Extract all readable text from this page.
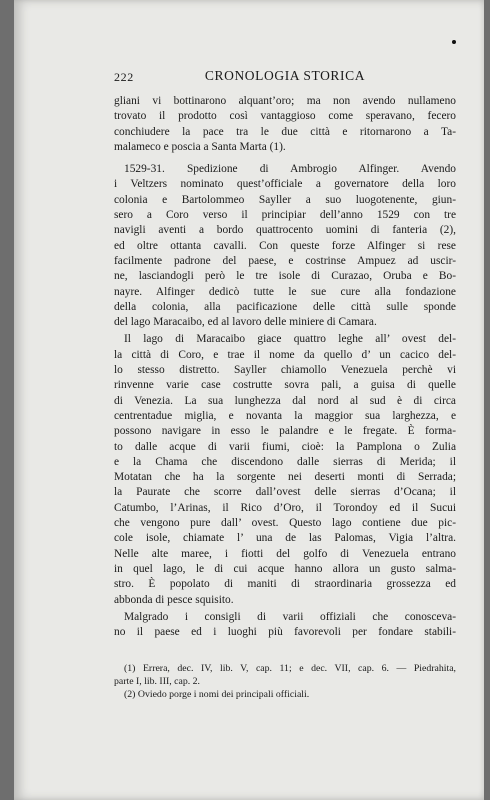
222	CRONOLOGIA STORICA
gliani vi bottinarono alquant’oro; ma non avendo nullameno
trovato il prodotto così vantaggioso come speravano, fecero
conchiudere la pace tra le due città e ritornarono a Ta-
malameco e poscia a Santa Marta (1).
1529-31. Spedizione di Ambrogio Alfinger. Avendo
i Veltzers nominato quest’officiale a governatore della loro
colonia e Bartolommeo Sayller a suo luogotenente, giun-
sero a Coro verso il principiar dell’anno 1529 con tre
navigli aventi a bordo quattrocento uomini di fanteria (2),
ed oltre ottanta cavalli. Con queste forze Alfinger si rese
facilmente padrone del paese, e costrinse Ampuez ad uscir-
ne, lasciandogli però le tre isole di Curazao, Oruba e Bo-
nayre. Alfinger dedicò tutte le sue cure alla fondazione
della colonia, alla pacificazione delle città sulle sponde
del lago Maracaibo, ed al lavoro delle miniere di Camara.
Il lago di Maracaibo giace quattro leghe all’ ovest del-
la città di Coro, e trae il nome da quello d’ un cacico del-
lo stesso distretto. Sayller chiamollo Venezuela perchè vi
rinvenne varie case costrutte sovra pali, a guisa di quelle
di Venezia. La sua lunghezza dal nord al sud è di circa
centrentadue miglia, e novanta la maggior sua larghezza, e
possono navigare in esso le palandre e le fregate. È forma-
to dalle acque di varii fiumi, cioè: la Pamplona o Zulia
e la Chama che discendono dalle sierras di Merida; il
Motatan che ha la sorgente nei deserti monti di Serrada;
la Paurate che scorre dall’ovest delle sierras d’Ocana; il
Catumbo, l’Arinas, il Rico d’Oro, il Torondoy ed il Sucui
che vengono pure dall’ ovest. Questo lago contiene due pic-
cole isole, chiamate l’ una de las Palomas, Vigia l’altra.
Nelle alte maree, i fiotti del golfo di Venezuela entrano
in quel lago, le di cui acque hanno allora un gusto salma-
stro. È popolato di maniti di straordinaria grossezza ed
abbonda di pesce squisito.
Malgrado i consigli di varii offiziali che conosceva-
no il paese ed i luoghi più favorevoli per fondare stabili-
(1) Errera, dec. IV, lib. V, cap. 11; e dec. VII, cap. 6. — Piedrahita,
parte I, lib. III, cap. 2.
(2) Oviedo porge i nomi dei principali officiali.
